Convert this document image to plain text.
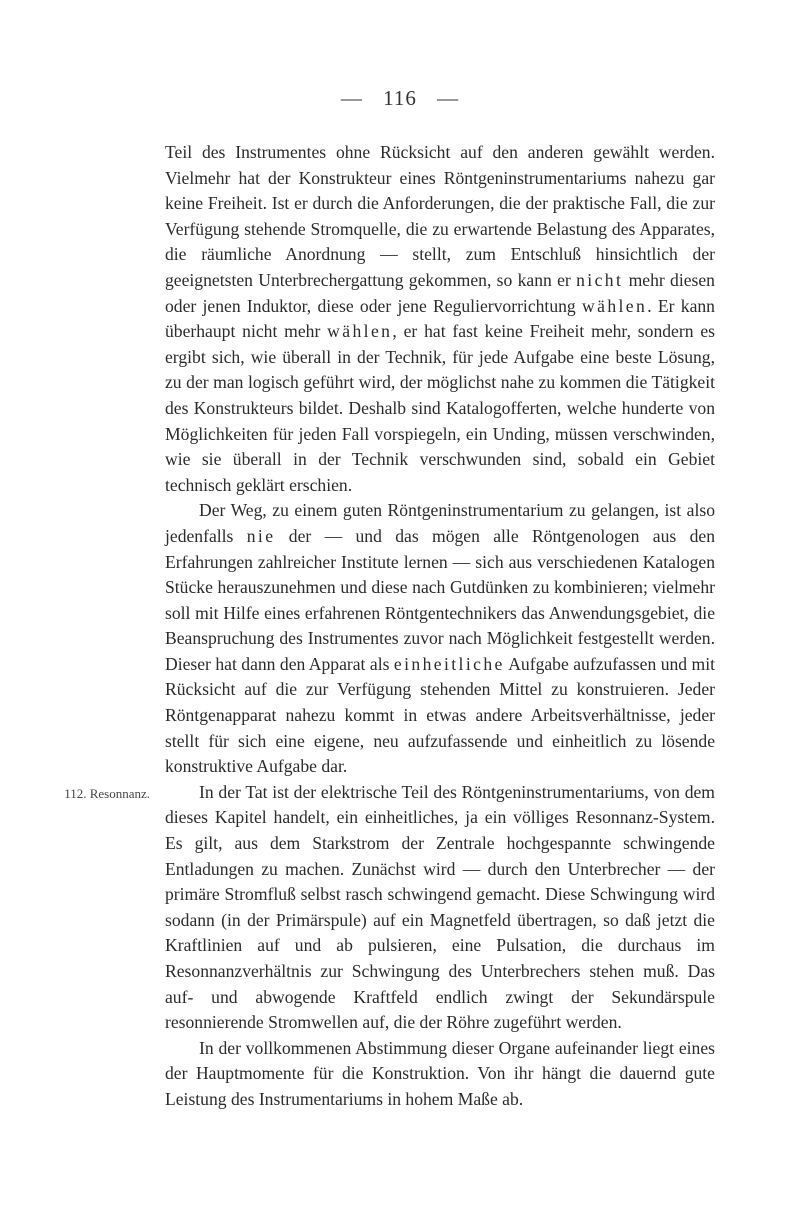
— 116 —

Teil des Instrumentes ohne Rücksicht auf den anderen gewählt werden. Vielmehr hat der Konstrukteur eines Röntgeninstrumentariums nahezu gar keine Freiheit. Ist er durch die Anforderungen, die der praktische Fall, die zur Verfügung stehende Stromquelle, die zu erwartende Belastung des Apparates, die räumliche Anordnung — stellt, zum Entschluß hinsichtlich der geeignetsten Unterbrechergattung gekommen, so kann er nicht mehr diesen oder jenen Induktor, diese oder jene Reguliervorrichtung wählen. Er kann überhaupt nicht mehr wählen, er hat fast keine Freiheit mehr, sondern es ergibt sich, wie überall in der Technik, für jede Aufgabe eine beste Lösung, zu der man logisch geführt wird, der möglichst nahe zu kommen die Tätigkeit des Konstrukteurs bildet. Deshalb sind Katalogofferten, welche hunderte von Möglichkeiten für jeden Fall vorspiegeln, ein Unding, müssen verschwinden, wie sie überall in der Technik verschwunden sind, sobald ein Gebiet technisch geklärt erschien.

Der Weg, zu einem guten Röntgeninstrumentarium zu gelangen, ist also jedenfalls nie der — und das mögen alle Röntgenologen aus den Erfahrungen zahlreicher Institute lernen — sich aus verschiedenen Katalogen Stücke herauszunehmen und diese nach Gutdünken zu kombinieren; vielmehr soll mit Hilfe eines erfahrenen Röntgentechnikers das Anwendungsgebiet, die Beanspruchung des Instrumentes zuvor nach Möglichkeit festgestellt werden. Dieser hat dann den Apparat als einheitliche Aufgabe aufzufassen und mit Rücksicht auf die zur Verfügung stehenden Mittel zu konstruieren. Jeder Röntgenapparat nahezu kommt in etwas andere Arbeitsverhältnisse, jeder stellt für sich eine eigene, neu aufzufassende und einheitlich zu lösende konstruktive Aufgabe dar.

112. Resonnanz.	In der Tat ist der elektrische Teil des Röntgeninstrumentariums, von dem dieses Kapitel handelt, ein einheitliches, ja ein völliges Resonnanz-System. Es gilt, aus dem Starkstrom der Zentrale hochgespannte schwingende Entladungen zu machen. Zunächst wird — durch den Unterbrecher — der primäre Stromfluß selbst rasch schwingend gemacht. Diese Schwingung wird sodann (in der Primärspule) auf ein Magnetfeld übertragen, so daß jetzt die Kraftlinien auf und ab pulsieren, eine Pulsation, die durchaus im Resonnanzverhältnis zur Schwingung des Unterbrechers stehen muß. Das auf- und abwogende Kraftfeld endlich zwingt der Sekundärspule resonnierende Stromwellen auf, die der Röhre zugeführt werden.

In der vollkommenen Abstimmung dieser Organe aufeinander liegt eines der Hauptmomente für die Konstruktion. Von ihr hängt die dauernd gute Leistung des Instrumentariums in hohem Maße ab.
